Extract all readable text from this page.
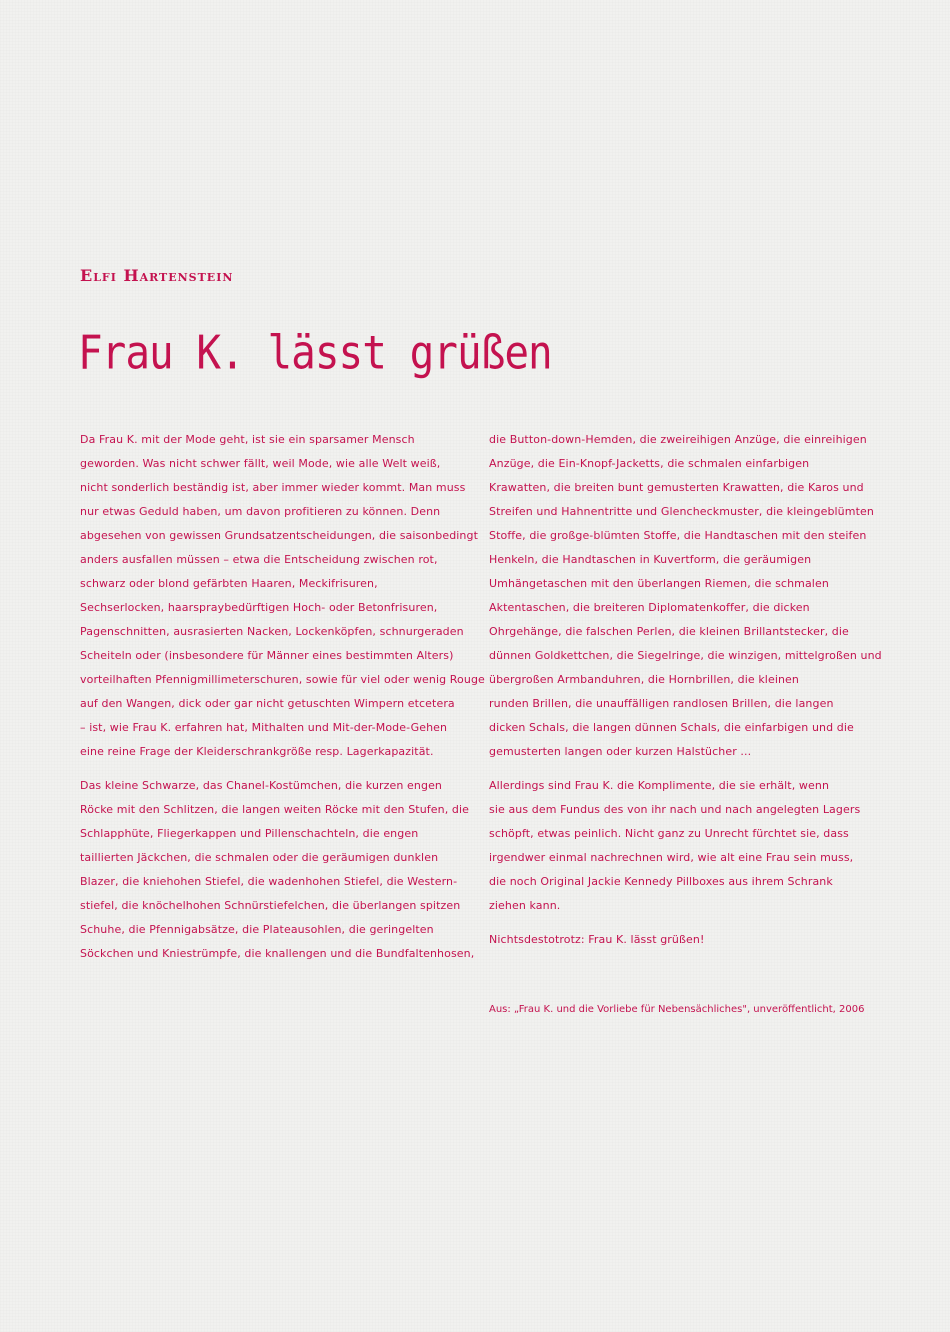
Elfi Hartenstein
Frau K. lässt grüßen
Da Frau K. mit der Mode geht, ist sie ein sparsamer Mensch
geworden. Was nicht schwer fällt, weil Mode, wie alle Welt weiß,
nicht sonderlich beständig ist, aber immer wieder kommt. Man muss
nur etwas Geduld haben, um davon profitieren zu können. Denn
abgesehen von gewissen Grundsatzentscheidungen, die saisonbedingt
anders ausfallen müssen – etwa die Entscheidung zwischen rot,
schwarz oder blond gefärbten Haaren, Meckifrisuren,
Sechserlocken, haarspraybedürftigen Hoch- oder Betonfrisuren,
Pagenschnitten, ausrasierten Nacken, Lockenköpfen, schnurgeraden
Scheiteln oder (insbesondere für Männer eines bestimmten Alters)
vorteilhaften Pfennigmillimeterschuren, sowie für viel oder wenig Rouge
auf den Wangen, dick oder gar nicht getuschten Wimpern etcetera
– ist, wie Frau K. erfahren hat, Mithalten und Mit-der-Mode-Gehen
eine reine Frage der Kleiderschrankgröße resp. Lagerkapazität.
Das kleine Schwarze, das Chanel-Kostümchen, die kurzen engen
Röcke mit den Schlitzen, die langen weiten Röcke mit den Stufen, die
Schlapphüte, Fliegerkappen und Pillenschachteln, die engen
taillierten Jäckchen, die schmalen oder die geräumigen dunklen
Blazer, die kniehohen Stiefel, die wadenhohen Stiefel, die Western-
stiefel, die knöchelhohen Schnürstiefelchen, die überlangen spitzen
Schuhe, die Pfennigabsätze, die Plateausohlen, die geringelten
Söckchen und Kniestrümpfe, die knallengen und die Bundfaltenhosen,
die Button-down-Hemden, die zweireihigen Anzüge, die einreihigen
Anzüge, die Ein-Knopf-Jacketts, die schmalen einfarbigen
Krawatten, die breiten bunt gemusterten Krawatten, die Karos und
Streifen und Hahnentritte und Glencheckmuster, die kleingeblümten
Stoffe, die großge-blümten Stoffe, die Handtaschen mit den steifen
Henkeln, die Handtaschen in Kuvertform, die geräumigen
Umhängetaschen mit den überlangen Riemen, die schmalen
Aktentaschen, die breiteren Diplomatenkoffer, die dicken
Ohrgehänge, die falschen Perlen, die kleinen Brillantstecker, die
dünnen Goldkettchen, die Siegelringe, die winzigen, mittelgroßen und
übergroßen Armbanduhren, die Hornbrillen, die kleinen
runden Brillen, die unauffälligen randlosen Brillen, die langen
dicken Schals, die langen dünnen Schals, die einfarbigen und die
gemusterten langen oder kurzen Halstücher ...
Allerdings sind Frau K. die Komplimente, die sie erhält, wenn
sie aus dem Fundus des von ihr nach und nach angelegten Lagers
schöpft, etwas peinlich. Nicht ganz zu Unrecht fürchtet sie, dass
irgendwer einmal nachrechnen wird, wie alt eine Frau sein muss,
die noch Original Jackie Kennedy Pillboxes aus ihrem Schrank
ziehen kann.
Nichtsdestotrotz: Frau K. lässt grüßen!
Aus: „Frau K. und die Vorliebe für Nebensächliches", unveröffentlicht, 2006
